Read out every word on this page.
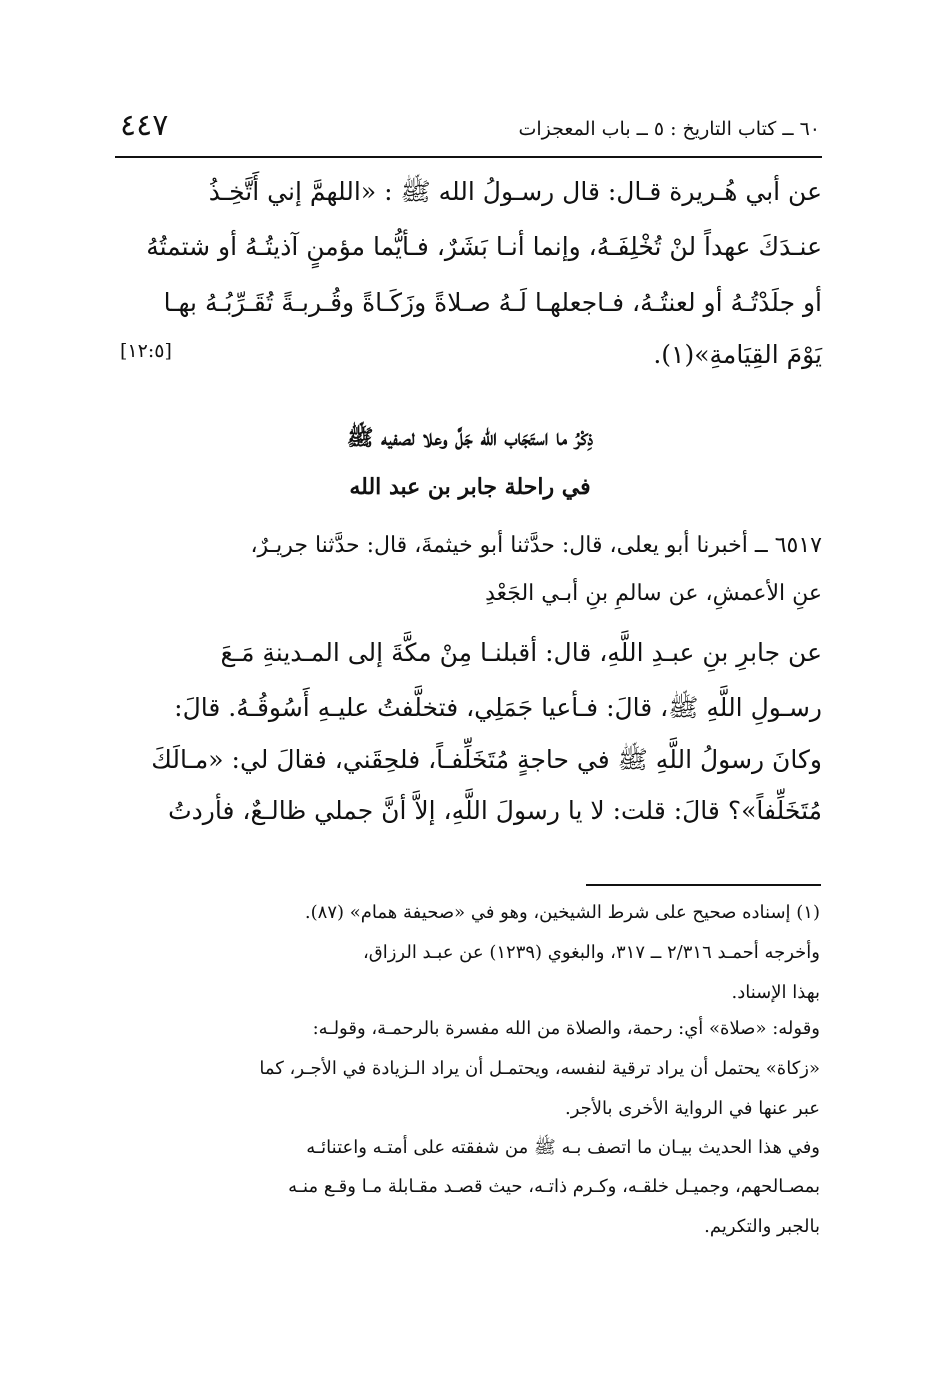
٤٤٧	٦٠ ــ كتاب التاريخ : ٥ ــ باب المعجزات
عن أبي هُـريرة قـال: قال رسـولُ الله ﷺ : «اللهمَّ إني أَتَّخِـذُ
عنـدَكَ عهداً لنْ تُخْلِفَـهُ، وإنما أنـا بَشَرٌ، فـأيُّما مؤمنٍ آذيتُـهُ أو شتمتُهُ
أو جلَدْتُـهُ أو لعنتُـهُ، فـاجعلهـا لَـهُ صـلاةً وزَكَـاةً وقُـربـةً تُقَـرِّبُـهُ بهـا
يَوْمَ القِيَامةِ»(١).
[١٢:٥]
ذِكْرُ ما استَجَاب الله جَلَّ وعلا لصفيه ﷺ
في راحلة جابر بن عبد الله
٦٥١٧ ــ أخبرنا أبو يعلى، قال: حدَّثنا أبو خيثمةَ، قال: حدَّثنا جريـرٌ،
عنِ الأعمشِ، عن سالمِ بنِ أبـي الجَعْدِ
عن جابرِ بنِ عبـدِ اللَّهِ، قال: أقبلنـا مِنْ مكَّةَ إلى المـدينةِ مَـعَ
رسـولِ اللَّهِ ﷺ، قالَ: فـأعيا جَمَلِي، فتخلَّفتُ عليـهِ أَسُوقُـهُ. قالَ:
وكانَ رسولُ اللَّهِ ﷺ في حاجةٍ مُتَخَلِّفـاً، فلحِقَني، فقالَ لي: «مـالَكَ
مُتَخَلِّفاً»؟ قالَ: قلت: لا يا رسولَ اللَّهِ، إلاَّ أنَّ جملي ظالـعٌ، فأردتُ
(١) إسناده صحيح على شرط الشيخين، وهو في «صحيفة همام» (٨٧).
وأخرجه أحمـد ٢/٣١٦ ــ ٣١٧، والبغوي (١٢٣٩) عن عبـد الرزاق،
بهذا الإسناد.
وقوله: «صلاة» أي: رحمة، والصلاة من الله مفسرة بالرحمـة، وقولـه:
«زكاة» يحتمل أن يراد ترقية لنفسه، ويحتمـل أن يراد الـزيادة في الأجـر، كما
عبر عنها في الرواية الأخرى بالأجر.
وفي هذا الحديث بيـان ما اتصف بـه ﷺ من شفقته على أمتـه واعتنائـه
بمصـالحهم، وجميـل خلقـه، وكـرم ذاتـه، حيث قصـد مقـابلة مـا وقـع منـه
بالجبر والتكريم.
